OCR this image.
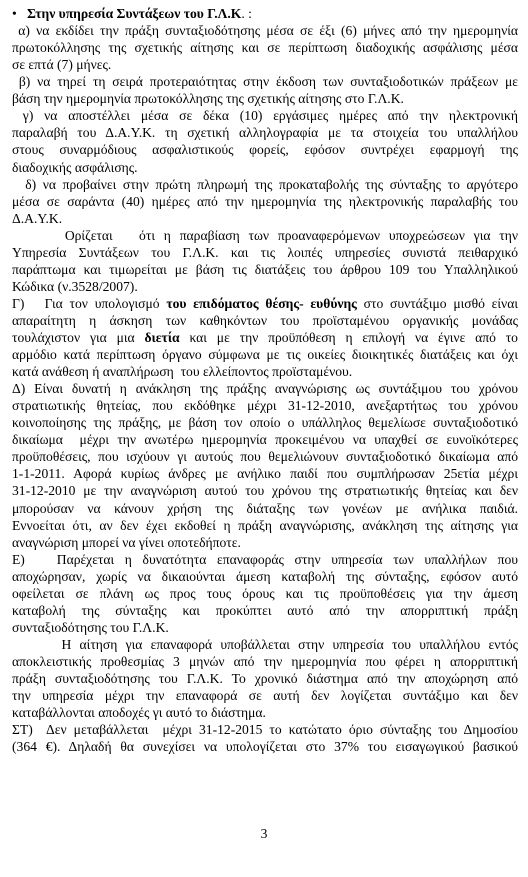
•   Στην υπηρεσία Συντάξεων του Γ.Λ.Κ. :
α) να εκδίδει την πράξη συνταξιοδότησης μέσα σε έξι (6) μήνες από την ημερομηνία
πρωτοκόλλησης της σχετικής αίτησης και σε περίπτωση διαδοχικής ασφάλισης μέσα
σε επτά (7) μήνες.
β) να τηρεί τη σειρά προτεραιότητας στην έκδοση των συνταξιοδοτικών πράξεων με
βάση την ημερομηνία πρωτοκόλλησης της σχετικής αίτησης στο Γ.Λ.Κ.
γ) να αποστέλλει μέσα σε δέκα (10) εργάσιμες ημέρες από την ηλεκτρονική
παραλαβή του Δ.Α.Υ.Κ. τη σχετική αλληλογραφία με τα στοιχεία του υπαλλήλου
στους συναρμόδιους ασφαλιστικούς φορείς, εφόσον συντρέχει εφαρμογή της
διαδοχικής ασφάλισης.
δ) να προβαίνει στην πρώτη πληρωμή της προκαταβολής της σύνταξης το αργότερο
μέσα σε σαράντα (40) ημέρες από την ημερομηνία της ηλεκτρονικής παραλαβής του
Δ.Α.Υ.Κ.
Ορίζεται   ότι η παραβίαση των προαναφερόμενων υποχρεώσεων για την
Υπηρεσία Συντάξεων του Γ.Λ.Κ. και τις λοιπές υπηρεσίες συνιστά πειθαρχικό
παράπτωμα και τιμωρείται με βάση τις διατάξεις του άρθρου 109 του Υπαλληλικού
Κώδικα (ν.3528/2007).
Γ)   Για τον υπολογισμό του επιδόματος θέσης- ευθύνης στο συντάξιμο μισθό είναι
απαραίτητη η άσκηση των καθηκόντων του προϊσταμένου οργανικής μονάδας
τουλάχιστον για μια διετία και με την προϋπόθεση η επιλογή να έγινε από το
αρμόδιο κατά περίπτωση όργανο σύμφωνα με τις οικείες διοικητικές διατάξεις και όχι
κατά ανάθεση ή αναπλήρωση  του ελλείποντος προϊσταμένου.
Δ) Είναι δυνατή η ανάκληση της πράξης αναγνώρισης ως συντάξιμου του χρόνου
στρατιωτικής θητείας, που εκδόθηκε μέχρι 31-12-2010, ανεξαρτήτως του χρόνου
κοινοποίησης της πράξης, με βάση τον οποίο ο υπάλληλος θεμελίωσε συνταξιοδοτικό
δικαίωμα  μέχρι την ανωτέρω ημερομηνία προκειμένου να υπαχθεί σε ευνοϊκότερες
προϋποθέσεις, που ισχύουν γι αυτούς που θεμελιώνουν συνταξιοδοτικό δικαίωμα από
1-1-2011. Αφορά κυρίως άνδρες με ανήλικο παιδί που συμπλήρωσαν 25ετία μέχρι
31-12-2010 με την αναγνώριση αυτού του χρόνου της στρατιωτικής θητείας και δεν
μπορούσαν να κάνουν χρήση της διάταξης των γονέων με ανήλικα παιδιά.
Εννοείται ότι, αν δεν έχει εκδοθεί η πράξη αναγνώρισης, ανάκληση της αίτησης για
αναγνώριση μπορεί να γίνει οποτεδήποτε.
Ε)   Παρέχεται η δυνατότητα επαναφοράς στην υπηρεσία των υπαλλήλων που
αποχώρησαν, χωρίς να δικαιούνται άμεση καταβολή της σύνταξης, εφόσον αυτό
οφείλεται σε πλάνη ως προς τους όρους και τις προϋποθέσεις για την άμεση
καταβολή της σύνταξης και προκύπτει αυτό από την απορριπτική πράξη
συνταξιοδότησης του Γ.Λ.Κ.
Η αίτηση για επαναφορά υποβάλλεται στην υπηρεσία του υπαλλήλου εντός
αποκλειστικής προθεσμίας 3 μηνών από την ημερομηνία που φέρει η απορριπτική
πράξη συνταξιοδότησης του Γ.Λ.Κ. Το χρονικό διάστημα από την αποχώρηση από
την υπηρεσία μέχρι την επαναφορά σε αυτή δεν λογίζεται συντάξιμο και δεν
καταβάλλονται αποδοχές γι αυτό το διάστημα.
ΣΤ)  Δεν μεταβάλλεται  μέχρι 31-12-2015 το κατώτατο όριο σύνταξης του Δημοσίου
(364 €). Δηλαδή θα συνεχίσει να υπολογίζεται στο 37% του εισαγωγικού βασικού
3
